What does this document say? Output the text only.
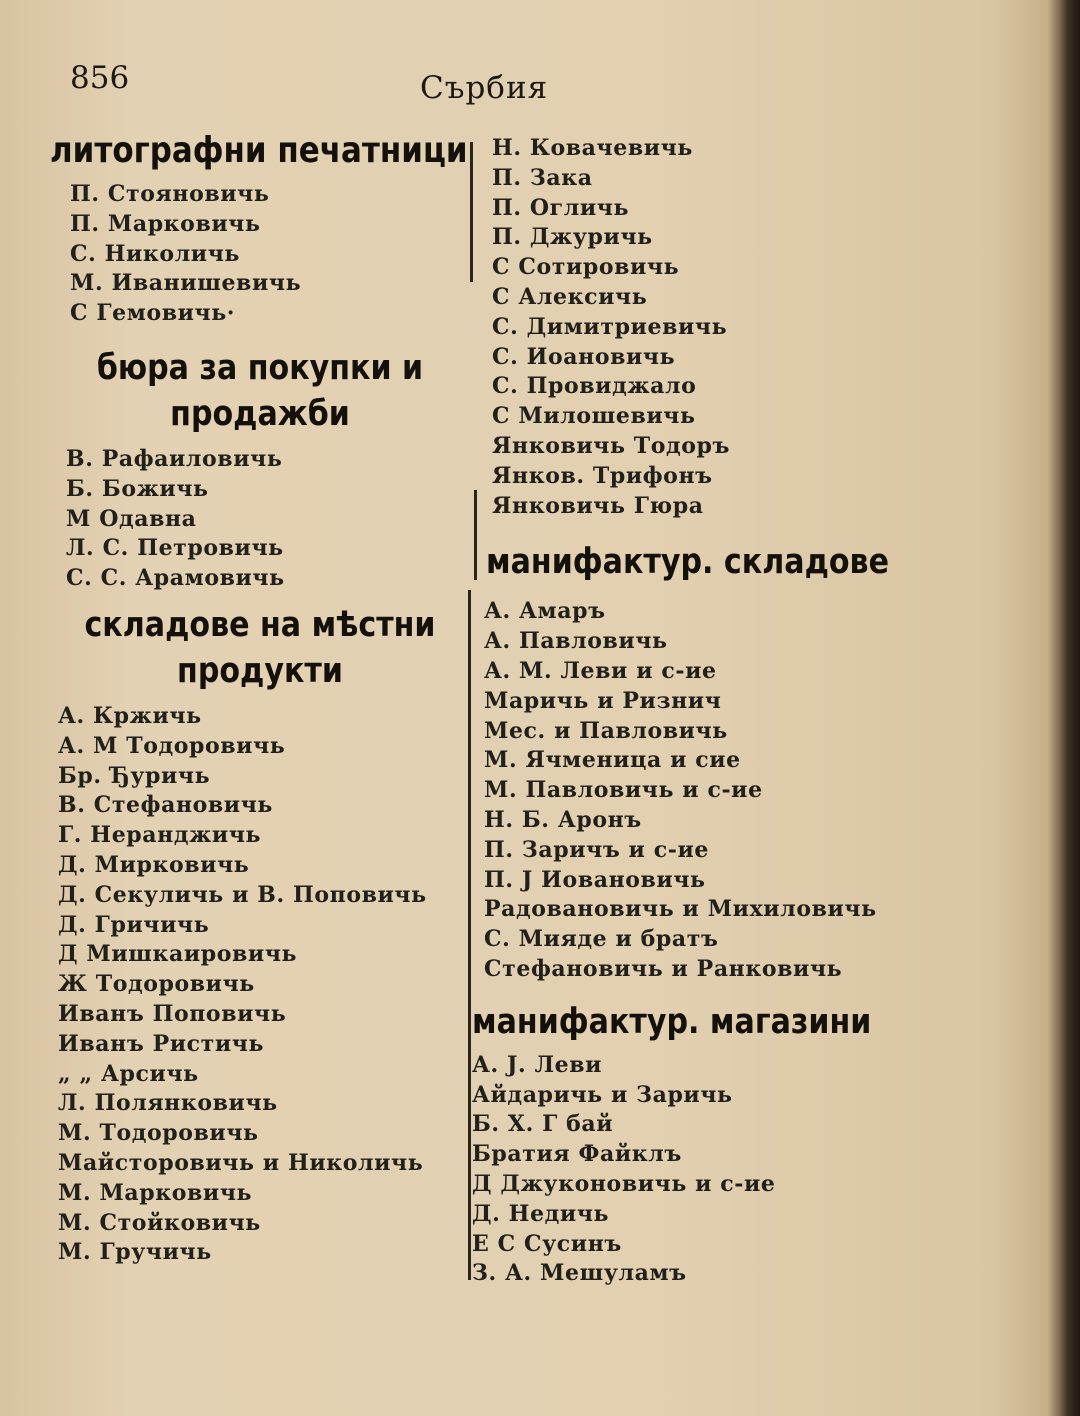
856	Сърбия
литографни печатници
П. Стояновичь
П. Марковичь
С. Николичь
М. Иванишевичь
С Гемовичь·
бюра за покупки и
продажби
В. Рафаиловичь
Б. Божичь
М Одавна
Л. С. Петровичь
С. С. Арамовичь
складове на мѣстни
продукти
А. Кржичь
А. М Тодоровичь
Бр. Ђуричь
В. Стефановичь
Г. Неранджичь
Д. Мирковичь
Д. Секуличь и В. Поповичь
Д. Гричичь
Д Мишкаировичь
Ж Тодоровичь
Иванъ Поповичь
Иванъ Ристичь
„ „ Арсичь
Л. Полянковичь
М. Тодоровичь
Майсторовичь и Николичь
М. Марковичь
М. Стойковичь
М. Гручичь
Н. Ковачевичь
П. Зака
П. Огличь
П. Джуричь
С Сотировичь
С Алексичь
С. Димитриевичь
С. Иоановичь
С. Провиджало
С Милошевичь
Янковичь Тодоръ
Янков. Трифонъ
Янковичь Гюра
манифактур. складове
А. Амаръ
А. Павловичь
А. М. Леви и с-ие
Маричь и Ризнич
Мес. и Павловичь
М. Ячменица и сие
М. Павловичь и с-ие
Н. Б. Аронъ
П. Заричъ и с-ие
П. Ј Иовановичь
Радовановичь и Михиловичь
С. Мияде и братъ
Стефановичь и Ранковичь
манифактур. магазини
А. Ј. Леви
Айдаричь и Заричь
Б. Х. Г бай
Братия Файклъ
Д Джуконовичь и с-ие
Д. Недичь
Е С Сусинъ
З. А. Мешуламъ
